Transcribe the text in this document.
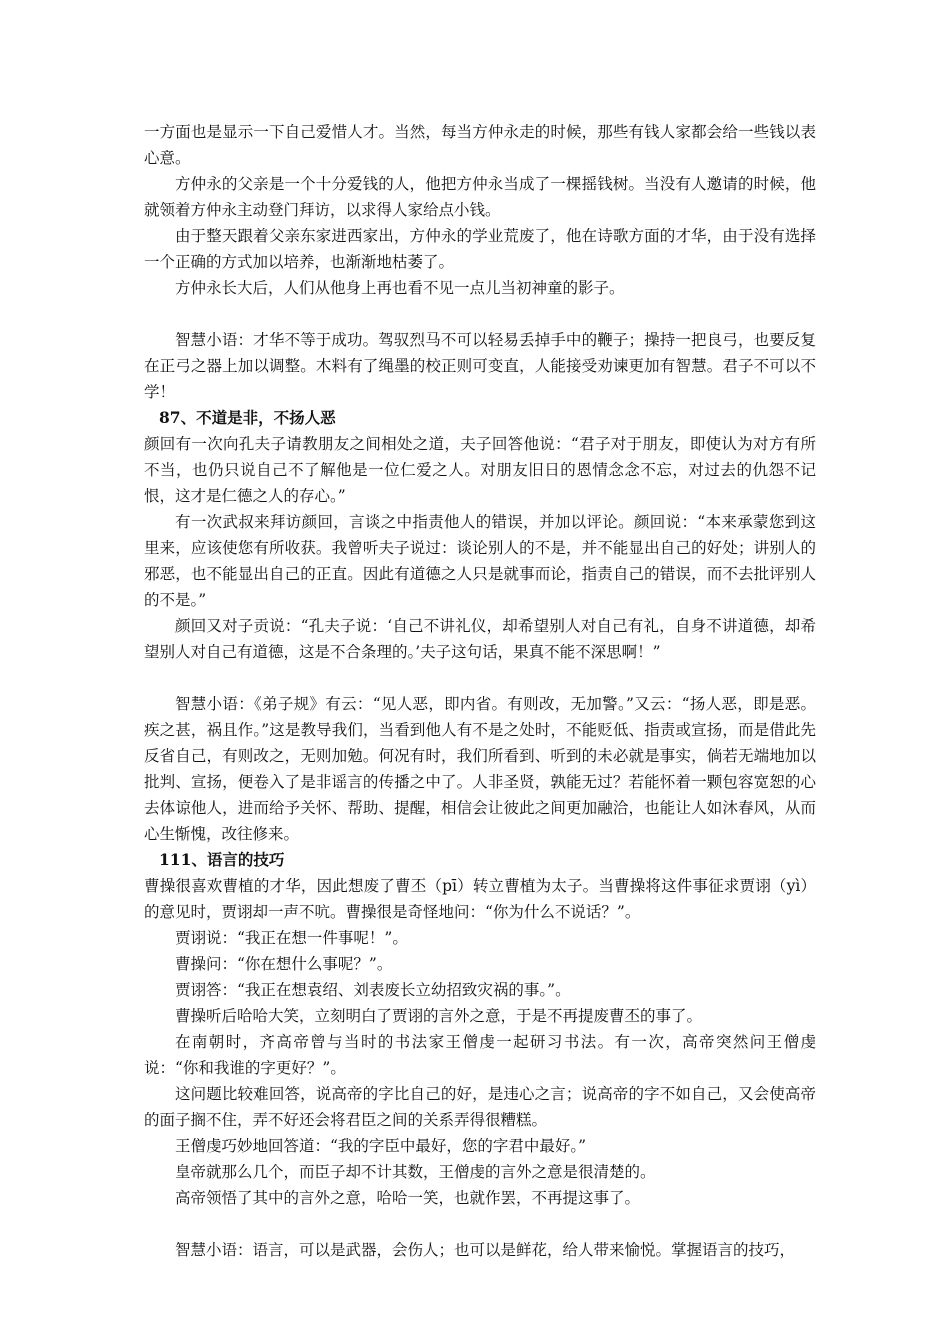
一方面也是显示一下自己爱惜人才。当然，每当方仲永走的时候，那些有钱人家都会给一些钱以表心意。

方仲永的父亲是一个十分爱钱的人，他把方仲永当成了一棵摇钱树。当没有人邀请的时候，他就领着方仲永主动登门拜访，以求得人家给点小钱。

由于整天跟着父亲东家进西家出，方仲永的学业荒废了，他在诗歌方面的才华，由于没有选择一个正确的方式加以培养，也渐渐地枯萎了。

方仲永长大后，人们从他身上再也看不见一点儿当初神童的影子。

智慧小语：才华不等于成功。驾驭烈马不可以轻易丢掉手中的鞭子；操持一把良弓，也要反复在正弓之器上加以调整。木料有了绳墨的校正则可变直，人能接受劝谏更加有智慧。君子不可以不学！

87、不道是非，不扬人恶

颜回有一次向孔夫子请教朋友之间相处之道，夫子回答他说：“君子对于朋友，即使认为对方有所不当，也仍只说自己不了解他是一位仁爱之人。对朋友旧日的恩情念念不忘，对过去的仇怨不记恨，这才是仁德之人的存心。”

有一次武叔来拜访颜回，言谈之中指责他人的错误，并加以评论。颜回说：“本来承蒙您到这里来，应该使您有所收获。我曾听夫子说过：谈论别人的不是，并不能显出自己的好处；讲别人的邪恶，也不能显出自己的正直。因此有道德之人只是就事而论，指责自己的错误，而不去批评别人的不是。”

颜回又对子贡说：“孔夫子说：‘自己不讲礼仪，却希望别人对自己有礼，自身不讲道德，却希望别人对自己有道德，这是不合条理的。’夫子这句话，果真不能不深思啊！”

智慧小语：《弟子规》有云：“见人恶，即内省。有则改，无加警。”又云：“扬人恶，即是恶。疾之甚，祸且作。”这是教导我们，当看到他人有不是之处时，不能贬低、指责或宣扬，而是借此先反省自己，有则改之，无则加勉。何况有时，我们所看到、听到的未必就是事实，倘若无端地加以批判、宣扬，便卷入了是非谣言的传播之中了。人非圣贤，孰能无过？若能怀着一颗包容宽恕的心去体谅他人，进而给予关怀、帮助、提醒，相信会让彼此之间更加融洽，也能让人如沐春风，从而心生惭愧，改往修来。

111、语言的技巧

曹操很喜欢曹植的才华，因此想废了曹丕（pī）转立曹植为太子。当曹操将这件事征求贾诩（yì）的意见时，贾诩却一声不吭。曹操很是奇怪地问：“你为什么不说话？”。

贾诩说：“我正在想一件事呢！”。

曹操问：“你在想什么事呢？”。

贾诩答：“我正在想袁绍、刘表废长立幼招致灾祸的事。”。

曹操听后哈哈大笑，立刻明白了贾诩的言外之意，于是不再提废曹丕的事了。

在南朝时，齐高帝曾与当时的书法家王僧虔一起研习书法。有一次，高帝突然问王僧虔说：“你和我谁的字更好？”。

这问题比较难回答，说高帝的字比自己的好，是违心之言；说高帝的字不如自己，又会使高帝的面子搁不住，弄不好还会将君臣之间的关系弄得很糟糕。

王僧虔巧妙地回答道：“我的字臣中最好，您的字君中最好。”

皇帝就那么几个，而臣子却不计其数，王僧虔的言外之意是很清楚的。

高帝领悟了其中的言外之意，哈哈一笑，也就作罢，不再提这事了。

智慧小语：语言，可以是武器，会伤人；也可以是鲜花，给人带来愉悦。掌握语言的技巧，
